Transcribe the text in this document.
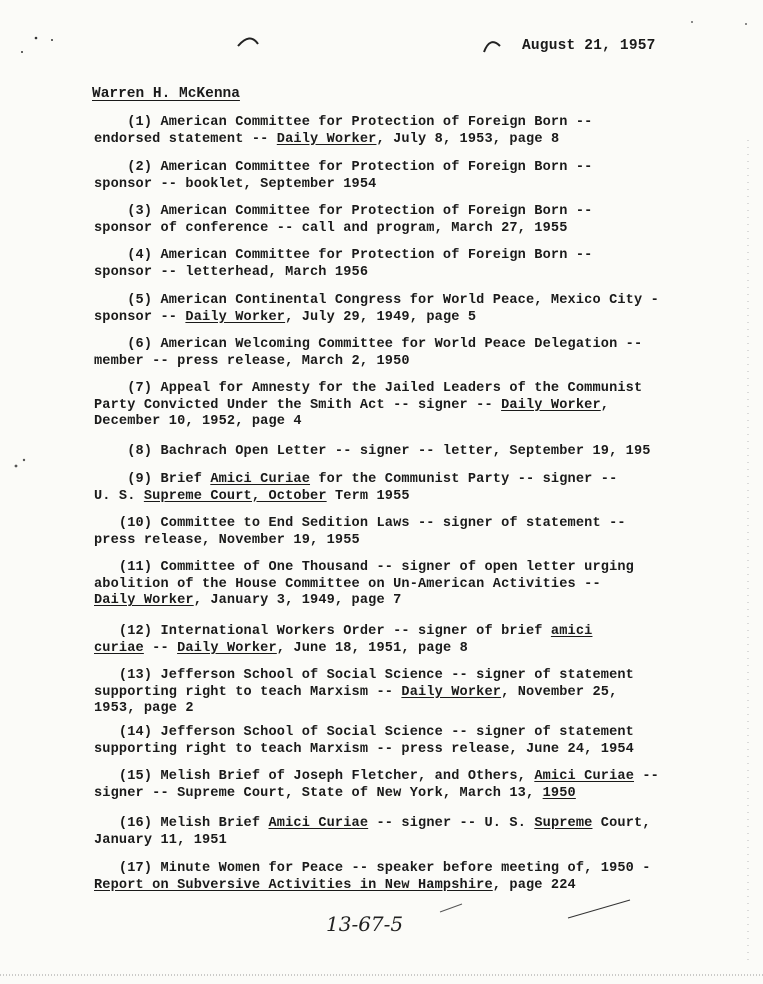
August 21, 1957
Warren H. McKenna
(1) American Committee for Protection of Foreign Born --
endorsed statement -- Daily Worker, July 8, 1953, page 8
(2) American Committee for Protection of Foreign Born --
sponsor -- booklet, September 1954
(3) American Committee for Protection of Foreign Born --
sponsor of conference -- call and program, March 27, 1955
(4) American Committee for Protection of Foreign Born --
sponsor -- letterhead, March 1956
(5) American Continental Congress for World Peace, Mexico City -
sponsor -- Daily Worker, July 29, 1949, page 5
(6) American Welcoming Committee for World Peace Delegation --
member -- press release, March 2, 1950
(7) Appeal for Amnesty for the Jailed Leaders of the Communist
Party Convicted Under the Smith Act -- signer -- Daily Worker,
December 10, 1952, page 4
(8) Bachrach Open Letter -- signer -- letter, September 19, 195
(9) Brief Amici Curiae for the Communist Party -- signer --
U. S. Supreme Court, October Term 1955
(10) Committee to End Sedition Laws -- signer of statement --
press release, November 19, 1955
(11) Committee of One Thousand -- signer of open letter urging
abolition of the House Committee on Un-American Activities --
Daily Worker, January 3, 1949, page 7
(12) International Workers Order -- signer of brief amici
curiae -- Daily Worker, June 18, 1951, page 8
(13) Jefferson School of Social Science -- signer of statement
supporting right to teach Marxism -- Daily Worker, November 25,
1953, page 2
(14) Jefferson School of Social Science -- signer of statement
supporting right to teach Marxism -- press release, June 24, 1954
(15) Melish Brief of Joseph Fletcher, and Others, Amici Curiae --
signer -- Supreme Court, State of New York, March 13, 1950
(16) Melish Brief Amici Curiae -- signer -- U. S. Supreme Court,
January 11, 1951
(17) Minute Women for Peace -- speaker before meeting of, 1950 -
Report on Subversive Activities in New Hampshire, page 224
13-67-5
